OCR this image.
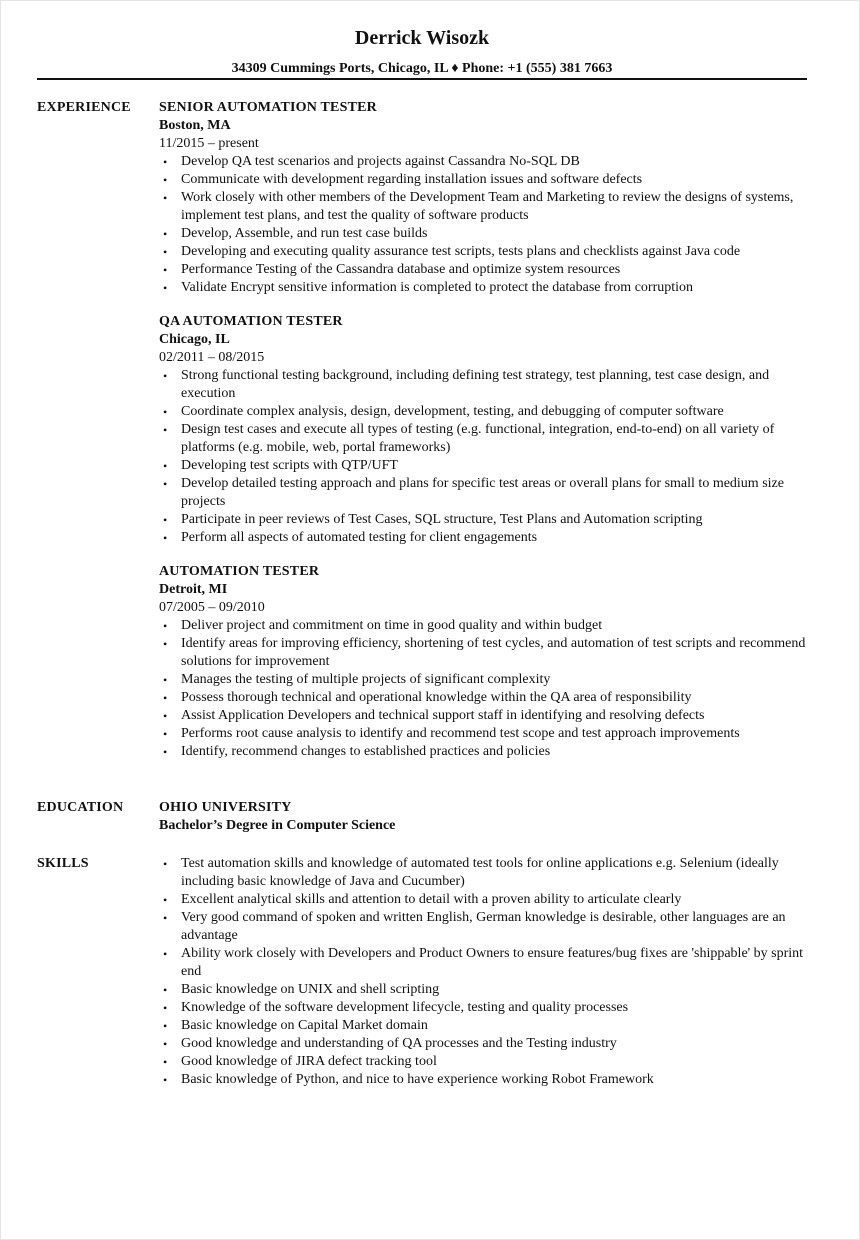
Derrick Wisozk
34309 Cummings Ports, Chicago, IL ♦ Phone: +1 (555) 381 7663
EXPERIENCE SENIOR AUTOMATION TESTER
Boston, MA
11/2015 – present
• Develop QA test scenarios and projects against Cassandra No-SQL DB
• Communicate with development regarding installation issues and software defects
• Work closely with other members of the Development Team and Marketing to review the designs of systems, implement test plans, and test the quality of software products
• Develop, Assemble, and run test case builds
• Developing and executing quality assurance test scripts, tests plans and checklists against Java code
• Performance Testing of the Cassandra database and optimize system resources
• Validate Encrypt sensitive information is completed to protect the database from corruption
QA AUTOMATION TESTER
Chicago, IL
02/2011 – 08/2015
• Strong functional testing background, including defining test strategy, test planning, test case design, and execution
• Coordinate complex analysis, design, development, testing, and debugging of computer software
• Design test cases and execute all types of testing (e.g. functional, integration, end-to-end) on all variety of platforms (e.g. mobile, web, portal frameworks)
• Developing test scripts with QTP/UFT
• Develop detailed testing approach and plans for specific test areas or overall plans for small to medium size projects
• Participate in peer reviews of Test Cases, SQL structure, Test Plans and Automation scripting
• Perform all aspects of automated testing for client engagements
AUTOMATION TESTER
Detroit, MI
07/2005 – 09/2010
• Deliver project and commitment on time in good quality and within budget
• Identify areas for improving efficiency, shortening of test cycles, and automation of test scripts and recommend solutions for improvement
• Manages the testing of multiple projects of significant complexity
• Possess thorough technical and operational knowledge within the QA area of responsibility
• Assist Application Developers and technical support staff in identifying and resolving defects
• Performs root cause analysis to identify and recommend test scope and test approach improvements
• Identify, recommend changes to established practices and policies
EDUCATION	OHIO UNIVERSITY
Bachelor’s Degree in Computer Science
SKILLS	• Test automation skills and knowledge of automated test tools for online applications e.g. Selenium (ideally including basic knowledge of Java and Cucumber)
• Excellent analytical skills and attention to detail with a proven ability to articulate clearly
• Very good command of spoken and written English, German knowledge is desirable, other languages are an advantage
• Ability work closely with Developers and Product Owners to ensure features/bug fixes are 'shippable' by sprint end
• Basic knowledge on UNIX and shell scripting
• Knowledge of the software development lifecycle, testing and quality processes
• Basic knowledge on Capital Market domain
• Good knowledge and understanding of QA processes and the Testing industry
• Good knowledge of JIRA defect tracking tool
• Basic knowledge of Python, and nice to have experience working Robot Framework
